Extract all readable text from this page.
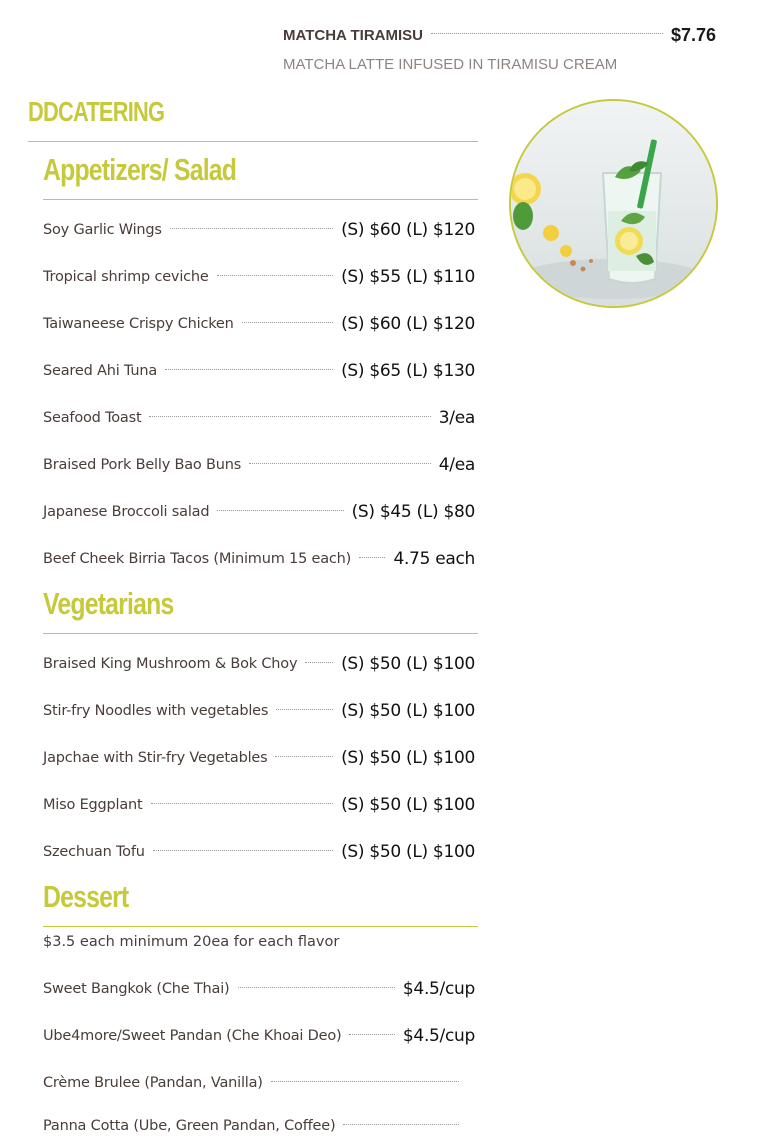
MATCHA TIRAMISU	$7.76
MATCHA LATTE INFUSED IN TIRAMISU CREAM
DDCATERING
Appetizers/ Salad
Soy Garlic Wings	(S) $60 (L) $120
Tropical shrimp ceviche	(S) $55 (L) $110
Taiwaneese Crispy Chicken	(S) $60 (L) $120
Seared Ahi Tuna	(S) $65 (L) $130
Seafood Toast	3/ea
Braised Pork Belly Bao Buns	4/ea
Japanese Broccoli salad	(S) $45 (L) $80
Beef Cheek Birria Tacos (Minimum 15 each) 4.75 each
Vegetarians
Braised King Mushroom & Bok Choy	(S) $50 (L) $100
Stir-fry Noodles with vegetables	(S) $50 (L) $100
Japchae with Stir-fry Vegetables	(S) $50 (L) $100
Miso Eggplant	(S) $50 (L) $100
Szechuan Tofu	(S) $50 (L) $100
Dessert
$3.5 each minimum 20ea for each flavor
Sweet Bangkok (Che Thai)	$4.5/cup
Ube4more/Sweet Pandan (Che Khoai Deo)	$4.5/cup
Crème Brulee (Pandan, Vanilla)
Panna Cotta (Ube, Green Pandan, Coffee)
